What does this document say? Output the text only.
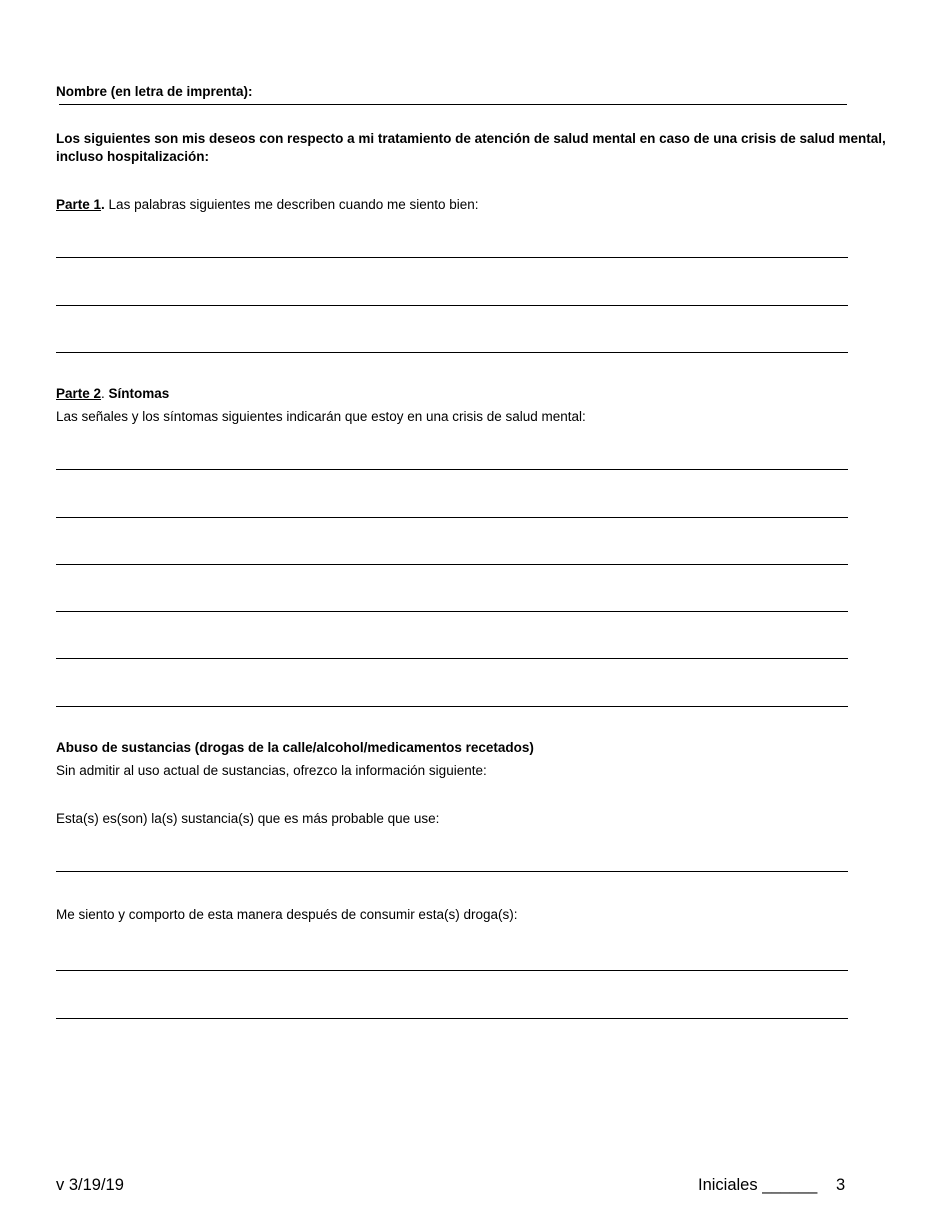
Nombre (en letra de imprenta):
Los siguientes son mis deseos con respecto a mi tratamiento de atención de salud mental en caso de una crisis de salud mental, incluso hospitalización:
Parte 1. Las palabras siguientes me describen cuando me siento bien:
Parte 2. Síntomas
Las señales y los síntomas siguientes indicarán que estoy en una crisis de salud mental:
Abuso de sustancias (drogas de la calle/alcohol/medicamentos recetados)
Sin admitir al uso actual de sustancias, ofrezco la información siguiente:
Esta(s) es(son) la(s) sustancia(s) que es más probable que use:
Me siento y comporto de esta manera después de consumir esta(s) droga(s):
v 3/19/19	Iniciales ______ 3
